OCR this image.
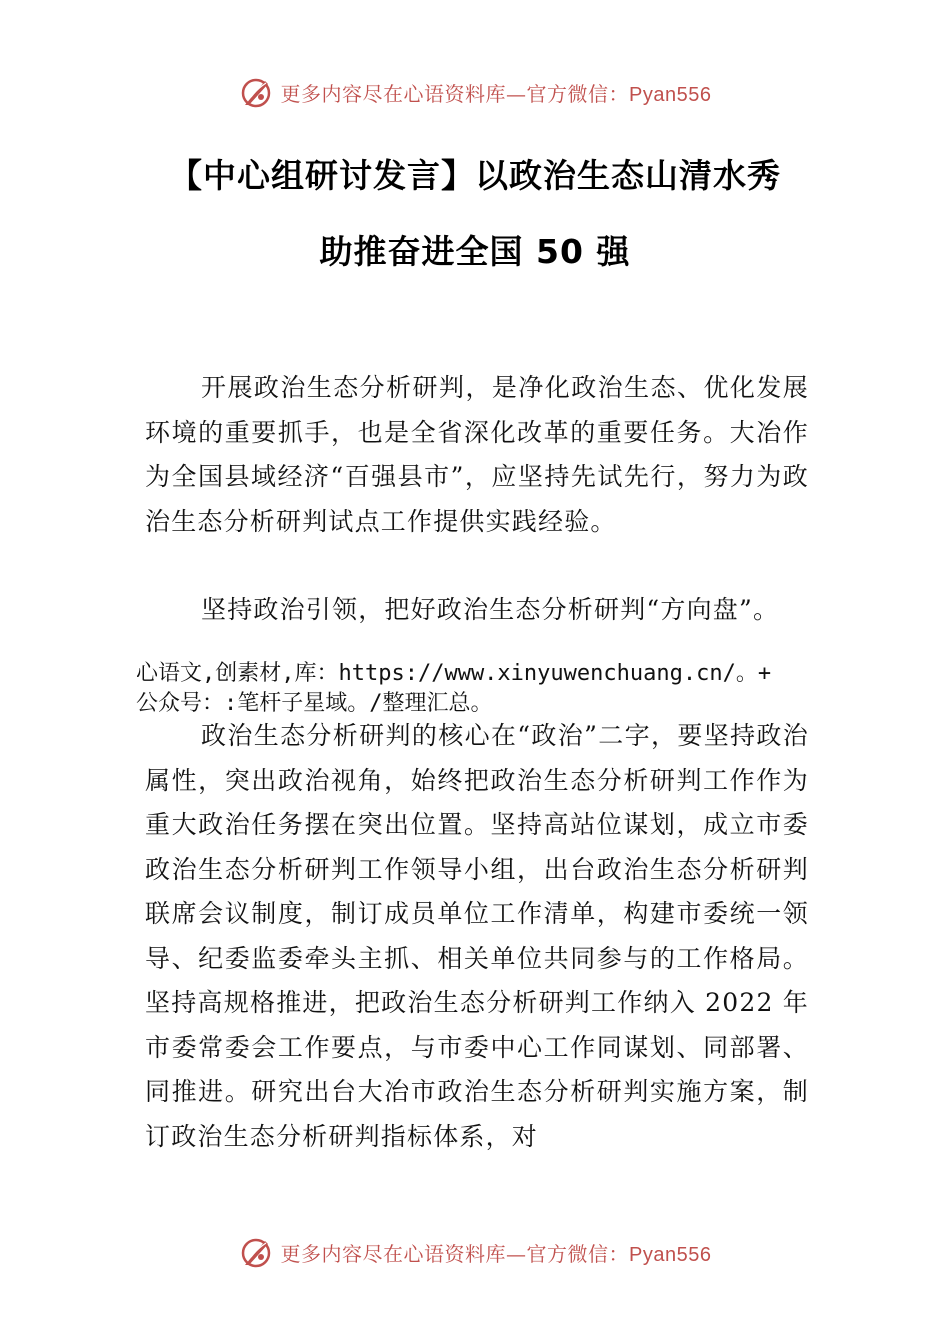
更多内容尽在心语资料库—官方微信：Pyan556
【中心组研讨发言】以政治生态山清水秀
助推奋进全国 50 强

开展政治生态分析研判，是净化政治生态、优化发展环境的重要抓手，也是全省深化改革的重要任务。大冶作为全国县域经济“百强县市”，应坚持先试先行，努力为政治生态分析研判试点工作提供实践经验。

坚持政治引领，把好政治生态分析研判“方向盘”。

心语文,创素材,库：https://www.xinyuwenchuang.cn/。+
公众号：:笔杆子星域。/整理汇总。

政治生态分析研判的核心在“政治”二字，要坚持政治属性，突出政治视角，始终把政治生态分析研判工作作为重大政治任务摆在突出位置。坚持高站位谋划，成立市委政治生态分析研判工作领导小组，出台政治生态分析研判联席会议制度，制订成员单位工作清单，构建市委统一领导、纪委监委牵头主抓、相关单位共同参与的工作格局。坚持高规格推进，把政治生态分析研判工作纳入 2022 年市委常委会工作要点，与市委中心工作同谋划、同部署、同推进。研究出台大冶市政治生态分析研判实施方案，制订政治生态分析研判指标体系，对

更多内容尽在心语资料库—官方微信：Pyan556
